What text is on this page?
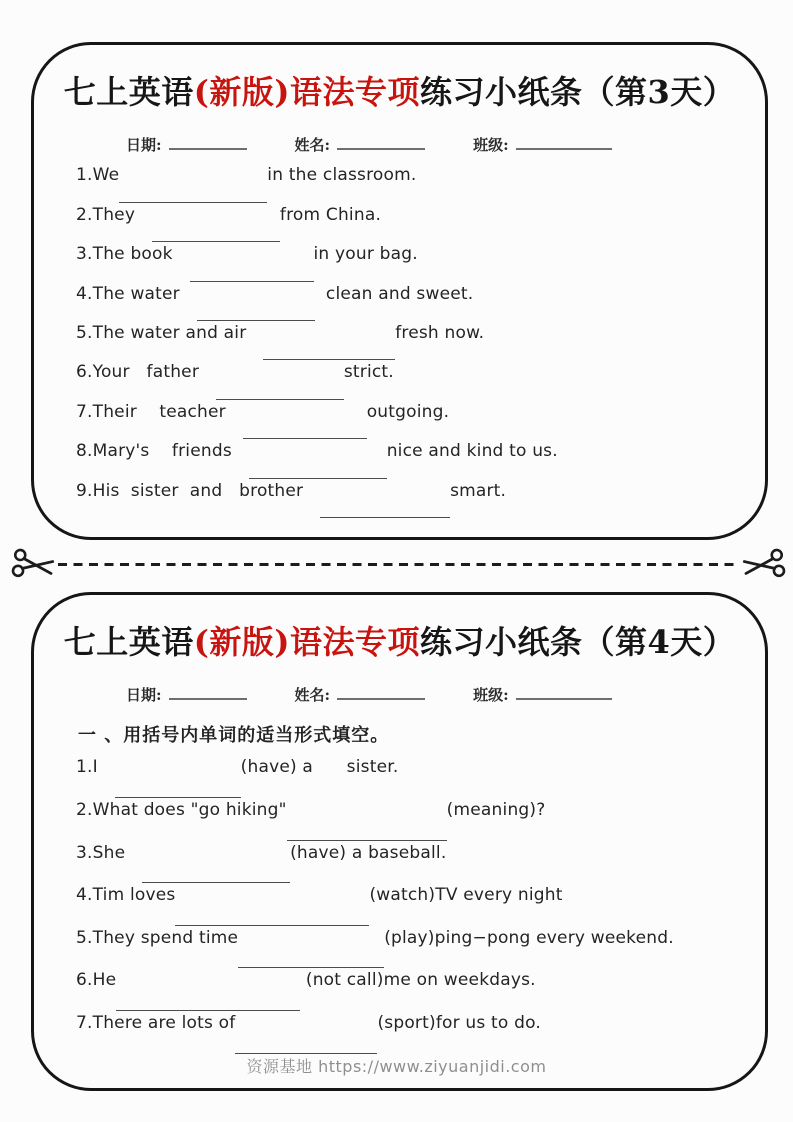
七上英语(新版)语法专项练习小纸条（第3天）
日期:	姓名:	班级:
1.We	in the classroom.
2.They	from China.
3.The book	in your bag.
4.The water	clean and sweet.
5.The water and air	fresh now.
6.Your   father	strict.
7.Their    teacher	outgoing.
8.Mary's    friends	nice and kind to us.
9.His  sister  and   brother	smart.
七上英语(新版)语法专项练习小纸条（第4天）
日期:	姓名:	班级:
一 、用括号内单词的适当形式填空。
1.I	(have) a      sister.
2.What does "go hiking"	(meaning)?
3.She	(have) a baseball.
4.Tim loves	(watch)TV every night
5.They spend time	(play)ping−pong every weekend.
6.He	(not call)me on weekdays.
7.There are lots of	(sport)for us to do.
资源基地 https://www.ziyuanjidi.com
